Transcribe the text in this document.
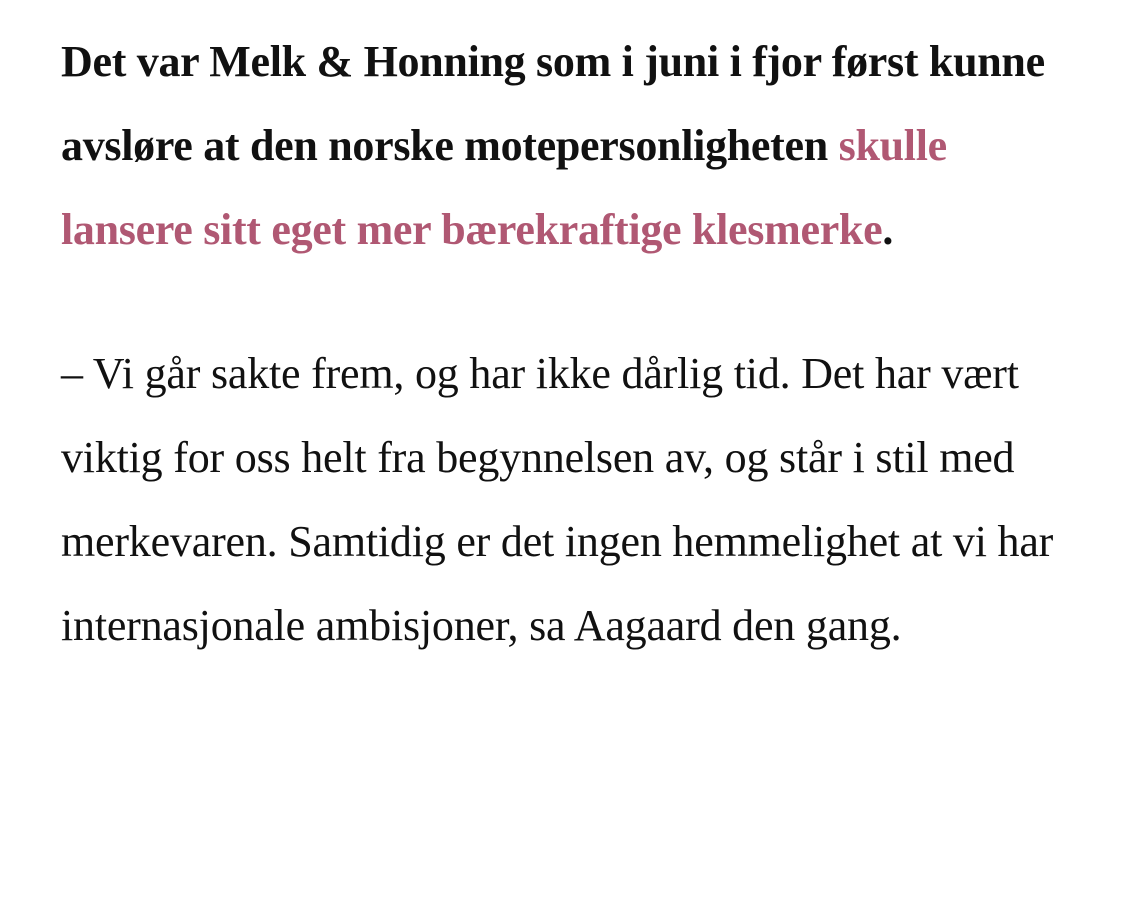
Det var Melk & Honning som i juni i fjor først kunne avsløre at den norske motepersonligheten skulle lansere sitt eget mer bærekraftige klesmerke.

– Vi går sakte frem, og har ikke dårlig tid. Det har vært viktig for oss helt fra begynnelsen av, og står i stil med merkevaren. Samtidig er det ingen hemmelighet at vi har internasjonale ambisjoner, sa Aagaard den gang.
